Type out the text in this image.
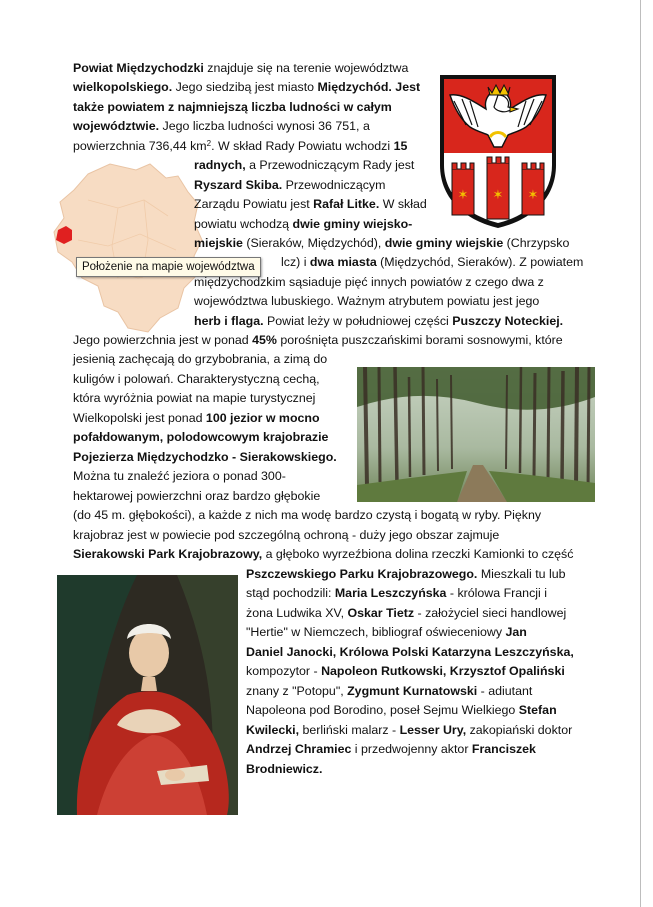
✶ ✶ ✶
Położenie na mapie województwa
Powiat Międzychodzki znajduje się na terenie województwa
wielkopolskiego. Jego siedzibą jest miasto Międzychód. Jest
także powiatem z najmniejszą liczba ludności w całym
województwie. Jego liczba ludności wynosi 36 751, a
powierzchnia 736,44 $km^2$. W skład Rady Powiatu wchodzi 15
radnych, a Przewodniczącym Rady jest
Ryszard Skiba. Przewodniczącym
Zarządu Powiatu jest Rafał Litke. W skład
powiatu wchodzą dwie gminy wiejsko-
miejskie (Sieraków, Międzychód), dwie gminy wiejskie (Chrzypsko
lcz) i dwa miasta (Międzychód, Sieraków). Z powiatem
międzychodzkim sąsiaduje pięć innych powiatów z czego dwa z
województwa lubuskiego. Ważnym atrybutem powiatu jest jego
herb i flaga. Powiat leży w południowej części Puszczy Noteckiej.
Jego powierzchnia jest w ponad 45% porośnięta puszczańskimi borami sosnowymi, które
jesienią zachęcają do grzybobrania, a zimą do
kuligów i polowań. Charakterystyczną cechą,
która wyróżnia powiat na mapie turystycznej
Wielkopolski jest ponad 100 jezior w mocno
pofałdowanym, polodowcowym krajobrazie
Pojezierza Międzychodzko - Sierakowskiego.
Można tu znaleźć jeziora o ponad 300-
hektarowej powierzchni oraz bardzo głębokie
(do 45 m. głębokości), a każde z nich ma wodę bardzo czystą i bogatą w ryby. Piękny
krajobraz jest w powiecie pod szczególną ochroną - duży jego obszar zajmuje
Sierakowski Park Krajobrazowy, a głęboko wyrzeźbiona dolina rzeczki Kamionki to część
Pszczewskiego Parku Krajobrazowego. Mieszkali tu lub
stąd pochodzili: Maria Leszczyńska - królowa Francji i
żona Ludwika XV, Oskar Tietz - założyciel sieci handlowej
"Hertie" w Niemczech, bibliograf oświeceniowy Jan
Daniel Janocki, Królowa Polski Katarzyna Leszczyńska,
kompozytor - Napoleon Rutkowski, Krzysztof Opaliński
znany z "Potopu", Zygmunt Kurnatowski - adiutant
Napoleona pod Borodino, poseł Sejmu Wielkiego Stefan
Kwilecki, berliński malarz - Lesser Ury, zakopiański doktor
Andrzej Chramiec i przedwojenny aktor Franciszek
Brodniewicz.
